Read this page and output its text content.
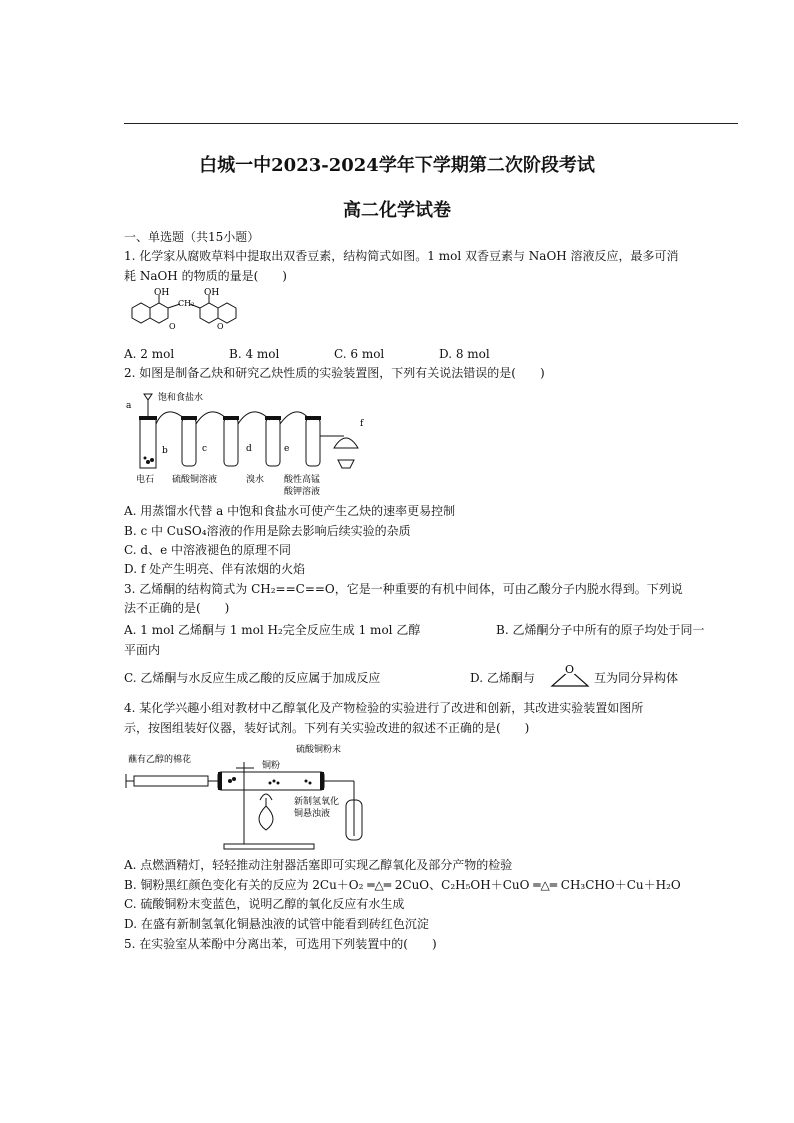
白城一中2023-2024学年下学期第二次阶段考试
高二化学试卷
一、单选题（共15小题）
1. 化学家从腐败草料中提取出双香豆素，结构简式如图。1 mol 双香豆素与 NaOH 溶液反应，最多可消
耗 NaOH 的物质的量是(　　)
OH	OH
CH₂
O	O
A. 2 mol	B. 4 mol	C. 6 mol	D. 8 mol
2. 如图是制备乙炔和研究乙炔性质的实验装置图，下列有关说法错误的是(　　)
a
饱和食盐水
b	c	d	e
f
电石 硫酸铜溶液	溴水 酸性高锰
酸钾溶液
A. 用蒸馏水代替 a 中饱和食盐水可使产生乙炔的速率更易控制
B. c 中 CuSO₄溶液的作用是除去影响后续实验的杂质
C. d、e 中溶液褪色的原理不同
D. f 处产生明亮、伴有浓烟的火焰
3. 乙烯酮的结构简式为 CH₂==C==O，它是一种重要的有机中间体，可由乙酸分子内脱水得到。下列说
法不正确的是(　　)
A. 1 mol 乙烯酮与 1 mol H₂完全反应生成 1 mol 乙醇	B. 乙烯酮分子中所有的原子均处于同一
平面内
C. 乙烯酮与水反应生成乙酸的反应属于加成反应	D. 乙烯酮与
O
互为同分异构体
4. 某化学兴趣小组对教材中乙醇氧化及产物检验的实验进行了改进和创新，其改进实验装置如图所
示，按图组装好仪器，装好试剂。下列有关实验改进的叙述不正确的是(　　)
蘸有乙醇的棉花
铜粉
硫酸铜粉末
新制氢氧化
铜悬浊液
A. 点燃酒精灯，轻轻推动注射器活塞即可实现乙醇氧化及部分产物的检验
B. 铜粉黑红颜色变化有关的反应为 2Cu＋O₂ ═△═ 2CuO、C₂H₅OH＋CuO ═△═ CH₃CHO＋Cu＋H₂O
C. 硫酸铜粉末变蓝色，说明乙醇的氧化反应有水生成
D. 在盛有新制氢氧化铜悬浊液的试管中能看到砖红色沉淀
5. 在实验室从苯酚中分离出苯，可选用下列装置中的(　　)
